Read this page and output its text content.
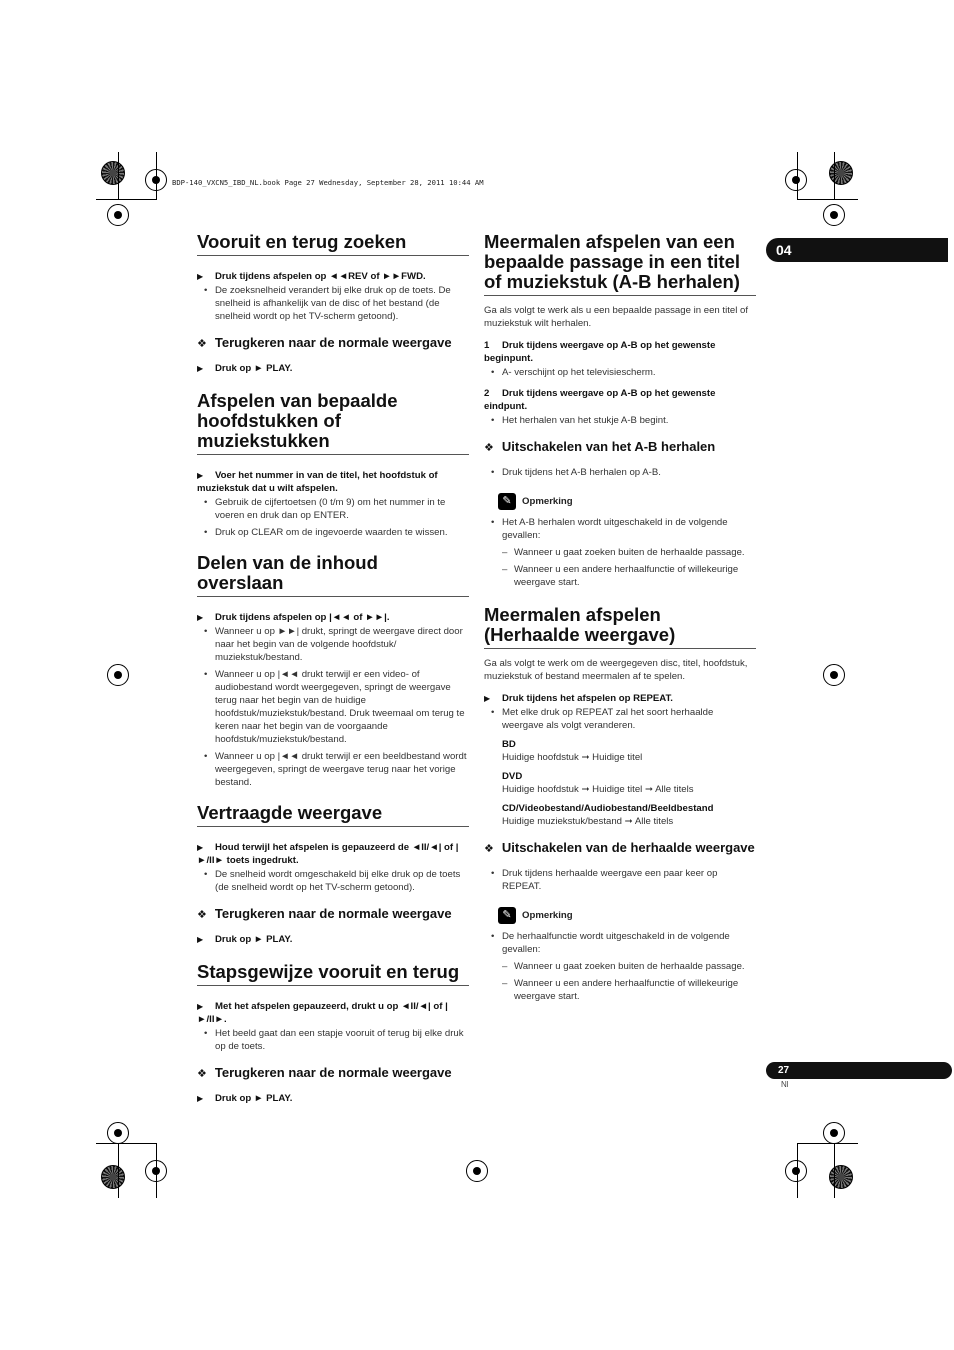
BDP-140_VXCN5_IBD_NL.book Page 27 Wednesday, September 28, 2011 10:44 AM
04
Vooruit en terug zoeken
▶ Druk tijdens afspelen op ◄◄REV of ►►FWD.
• De zoeksnelheid verandert bij elke druk op de toets. De snelheid is afhankelijk van de disc of het bestand (de snelheid wordt op het TV-scherm getoond).
❖ Terugkeren naar de normale weergave
▶ Druk op ► PLAY.
Afspelen van bepaalde hoofdstukken of muziekstukken
▶ Voer het nummer in van de titel, het hoofdstuk of muziekstuk dat u wilt afspelen.
• Gebruik de cijfertoetsen (0 t/m 9) om het nummer in te voeren en druk dan op ENTER.
• Druk op CLEAR om de ingevoerde waarden te wissen.
Delen van de inhoud overslaan
▶ Druk tijdens afspelen op |◄◄ of ►►|.
• Wanneer u op ►►| drukt, springt de weergave direct door naar het begin van de volgende hoofdstuk/ muziekstuk/bestand.
• Wanneer u op |◄◄ drukt terwijl er een video- of audiobestand wordt weergegeven, springt de weergave terug naar het begin van de huidige hoofdstuk/muziekstuk/bestand. Druk tweemaal om terug te keren naar het begin van de voorgaande hoofdstuk/muziekstuk/bestand.
• Wanneer u op |◄◄ drukt terwijl er een beeldbestand wordt weergegeven, springt de weergave terug naar het vorige bestand.
Vertraagde weergave
▶ Houd terwijl het afspelen is gepauzeerd de ◄II/◄| of |►/II► toets ingedrukt.
• De snelheid wordt omgeschakeld bij elke druk op de toets (de snelheid wordt op het TV-scherm getoond).
❖ Terugkeren naar de normale weergave
▶ Druk op ► PLAY.
Stapsgewijze vooruit en terug
▶ Met het afspelen gepauzeerd, drukt u op ◄II/◄| of |►/II►.
• Het beeld gaat dan een stapje vooruit of terug bij elke druk op de toets.
❖ Terugkeren naar de normale weergave
▶ Druk op ► PLAY.
Meermalen afspelen van een bepaalde passage in een titel of muziekstuk (A-B herhalen)

Ga als volgt te werk als u een bepaalde passage in een titel of muziekstuk wilt herhalen.

1 Druk tijdens weergave op A-B op het gewenste beginpunt.
• A- verschijnt op het televisiescherm.
2 Druk tijdens weergave op A-B op het gewenste eindpunt.
• Het herhalen van het stukje A-B begint.
❖ Uitschakelen van het A-B herhalen
• Druk tijdens het A-B herhalen op A-B.
✎	Opmerking
• Het A-B herhalen wordt uitgeschakeld in de volgende gevallen:
– Wanneer u gaat zoeken buiten de herhaalde passage.
– Wanneer u een andere herhaalfunctie of willekeurige weergave start.
Meermalen afspelen (Herhaalde weergave)

Ga als volgt te werk om de weergegeven disc, titel, hoofdstuk, muziekstuk of bestand meermalen af te spelen.

▶ Druk tijdens het afspelen op REPEAT.
• Met elke druk op REPEAT zal het soort herhaalde weergave als volgt veranderen.
BD
Huidige hoofdstuk ➞ Huidige titel
DVD
Huidige hoofdstuk ➞ Huidige titel ➞ Alle titels
CD/Videobestand/Audiobestand/Beeldbestand
Huidige muziekstuk/bestand ➞ Alle titels
❖ Uitschakelen van de herhaalde weergave
• Druk tijdens herhaalde weergave een paar keer op REPEAT.
✎	Opmerking
• De herhaalfunctie wordt uitgeschakeld in de volgende gevallen:
– Wanneer u gaat zoeken buiten de herhaalde passage.
– Wanneer u een andere herhaalfunctie of willekeurige weergave start.
27
Nl
